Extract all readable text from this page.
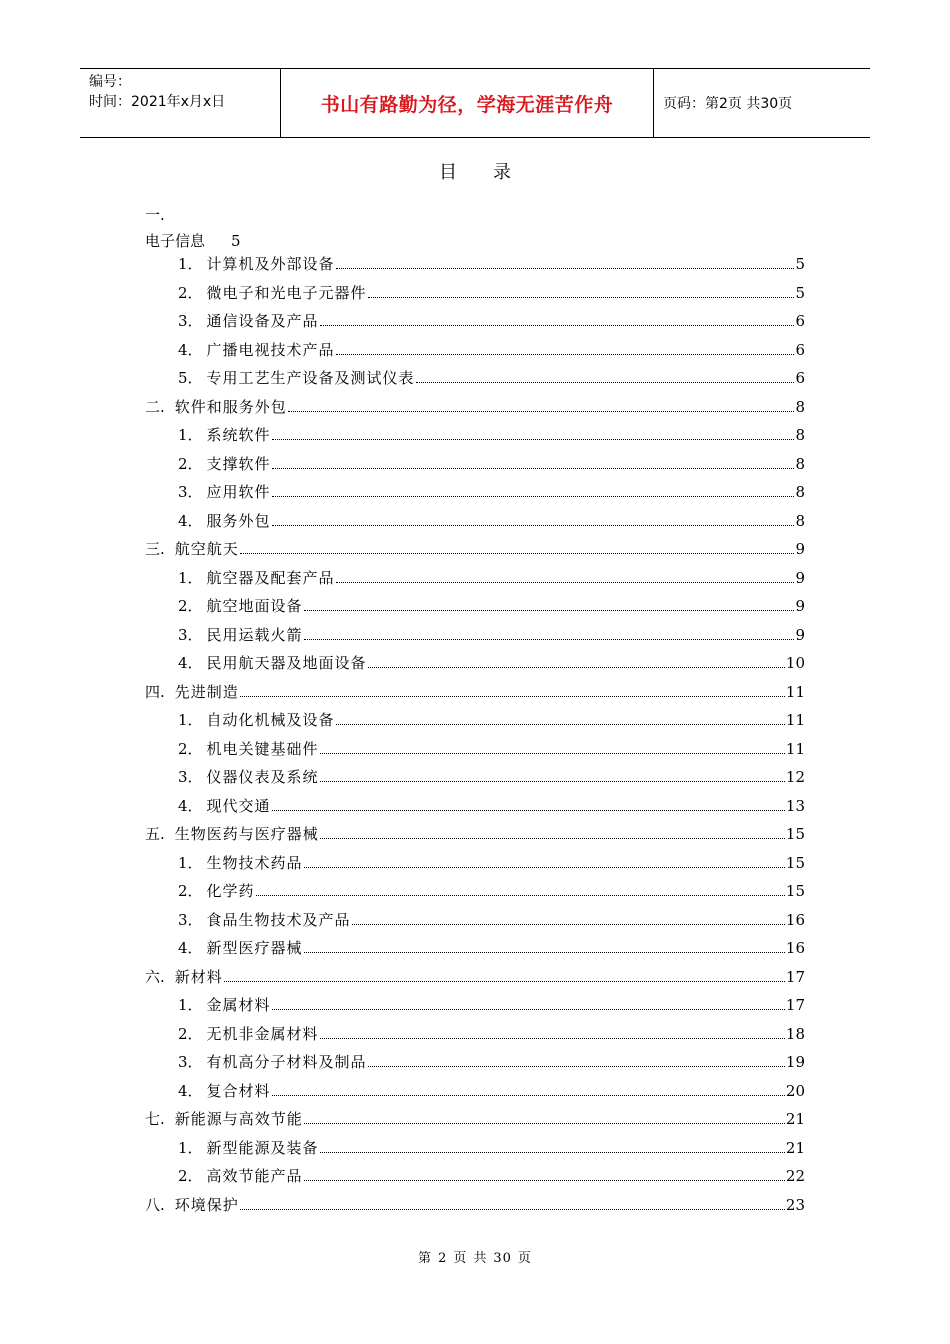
编号：
时间：2021年x月x日	书山有路勤为径，学海无涯苦作舟	页码：第2页 共30页
目录
一.
电子信息 5
1． 计算机及外部设备	5
2． 微电子和光电子元器件	5
3． 通信设备及产品	6
4． 广播电视技术产品	6
5． 专用工艺生产设备及测试仪表	6
二. 软件和服务外包	8
1． 系统软件	8
2． 支撑软件	8
3． 应用软件	8
4． 服务外包	8
三. 航空航天	9
1． 航空器及配套产品	9
2． 航空地面设备	9
3． 民用运载火箭	9
4． 民用航天器及地面设备	10
四. 先进制造	11
1． 自动化机械及设备	11
2． 机电关键基础件	11
3． 仪器仪表及系统	12
4． 现代交通	13
五. 生物医药与医疗器械	15
1． 生物技术药品	15
2． 化学药	15
3． 食品生物技术及产品	16
4． 新型医疗器械	16
六. 新材料	17
1． 金属材料	17
2． 无机非金属材料	18
3． 有机高分子材料及制品	19
4． 复合材料	20
七. 新能源与高效节能	21
1． 新型能源及装备	21
2． 高效节能产品	22
八. 环境保护	23
第 2 页 共 30 页
